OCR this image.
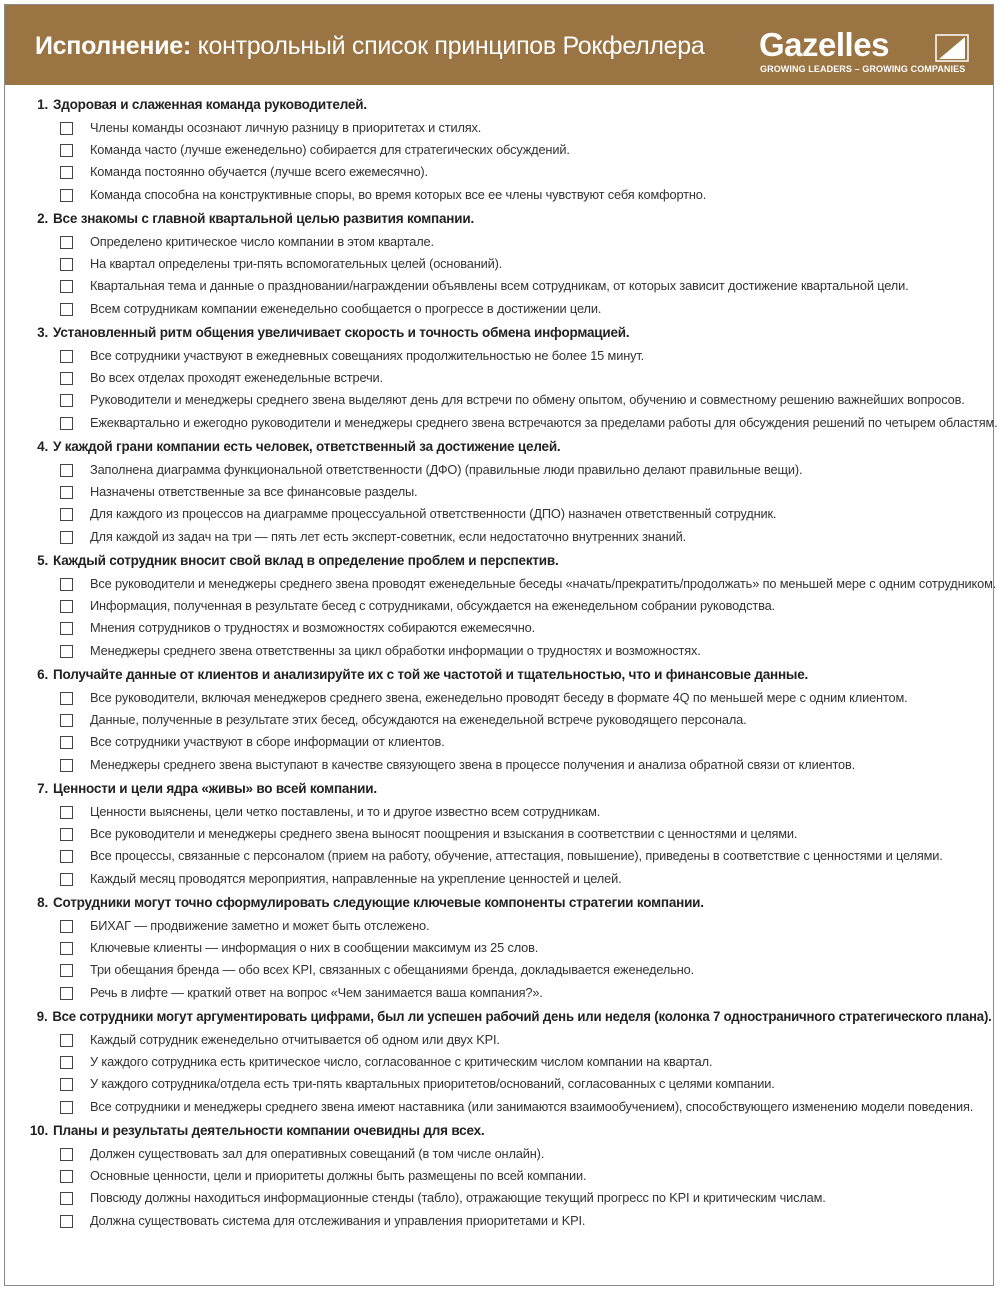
Исполнение: контрольный список принципов Рокфеллера Gazelles
GROWING LEADERS – GROWING COMPANIES
1. Здоровая и слаженная команда руководителей.
Члены команды осознают личную разницу в приоритетах и стилях.
Команда часто (лучше еженедельно) собирается для стратегических обсуждений.
Команда постоянно обучается (лучше всего ежемесячно).
Команда способна на конструктивные споры, во время которых все ее члены чувствуют себя комфортно.
2. Все знакомы с главной квартальной целью развития компании.
Определено критическое число компании в этом квартале.
На квартал определены три-пять вспомогательных целей (оснований).
Квартальная тема и данные о праздновании/награждении объявлены всем сотрудникам, от которых зависит достижение квартальной цели.
Всем сотрудникам компании еженедельно сообщается о прогрессе в достижении цели.
3. Установленный ритм общения увеличивает скорость и точность обмена информацией.
Все сотрудники участвуют в ежедневных совещаниях продолжительностью не более 15 минут.
Во всех отделах проходят еженедельные встречи.
Руководители и менеджеры среднего звена выделяют день для встречи по обмену опытом, обучению и совместному решению важнейших вопросов.
Ежеквартально и ежегодно руководители и менеджеры среднего звена встречаются за пределами работы для обсуждения решений по четырем областям.
4. У каждой грани компании есть человек, ответственный за достижение целей.
Заполнена диаграмма функциональной ответственности (ДФО) (правильные люди правильно делают правильные вещи).
Назначены ответственные за все финансовые разделы.
Для каждого из процессов на диаграмме процессуальной ответственности (ДПО) назначен ответственный сотрудник.
Для каждой из задач на три — пять лет есть эксперт-советник, если недостаточно внутренних знаний.
5. Каждый сотрудник вносит свой вклад в определение проблем и перспектив.
Все руководители и менеджеры среднего звена проводят еженедельные беседы «начать/прекратить/продолжать» по меньшей мере с одним сотрудником.
Информация, полученная в результате бесед с сотрудниками, обсуждается на еженедельном собрании руководства.
Мнения сотрудников о трудностях и возможностях собираются ежемесячно.
Менеджеры среднего звена ответственны за цикл обработки информации о трудностях и возможностях.
6. Получайте данные от клиентов и анализируйте их с той же частотой и тщательностью, что и финансовые данные.
Все руководители, включая менеджеров среднего звена, еженедельно проводят беседу в формате 4Q по меньшей мере с одним клиентом.
Данные, полученные в результате этих бесед, обсуждаются на еженедельной встрече руководящего персонала.
Все сотрудники участвуют в сборе информации от клиентов.
Менеджеры среднего звена выступают в качестве связующего звена в процессе получения и анализа обратной связи от клиентов.
7. Ценности и цели ядра «живы» во всей компании.
Ценности выяснены, цели четко поставлены, и то и другое известно всем сотрудникам.
Все руководители и менеджеры среднего звена выносят поощрения и взыскания в соответствии с ценностями и целями.
Все процессы, связанные с персоналом (прием на работу, обучение, аттестация, повышение), приведены в соответствие с ценностями и целями.
Каждый месяц проводятся мероприятия, направленные на укрепление ценностей и целей.
8. Сотрудники могут точно сформулировать следующие ключевые компоненты стратегии компании.
БИХАГ — продвижение заметно и может быть отслежено.
Ключевые клиенты — информация о них в сообщении максимум из 25 слов.
Три обещания бренда — обо всех KPI, связанных с обещаниями бренда, докладывается еженедельно.
Речь в лифте — краткий ответ на вопрос «Чем занимается ваша компания?».
9. Все сотрудники могут аргументировать цифрами, был ли успешен рабочий день или неделя (колонка 7 одностраничного стратегического плана).
Каждый сотрудник еженедельно отчитывается об одном или двух KPI.
У каждого сотрудника есть критическое число, согласованное с критическим числом компании на квартал.
У каждого сотрудника/отдела есть три-пять квартальных приоритетов/оснований, согласованных с целями компании.
Все сотрудники и менеджеры среднего звена имеют наставника (или занимаются взаимообучением), способствующего изменению модели поведения.
10. Планы и результаты деятельности компании очевидны для всех.
Должен существовать зал для оперативных совещаний (в том числе онлайн).
Основные ценности, цели и приоритеты должны быть размещены по всей компании.
Повсюду должны находиться информационные стенды (табло), отражающие текущий прогресс по KPI и критическим числам.
Должна существовать система для отслеживания и управления приоритетами и KPI.
